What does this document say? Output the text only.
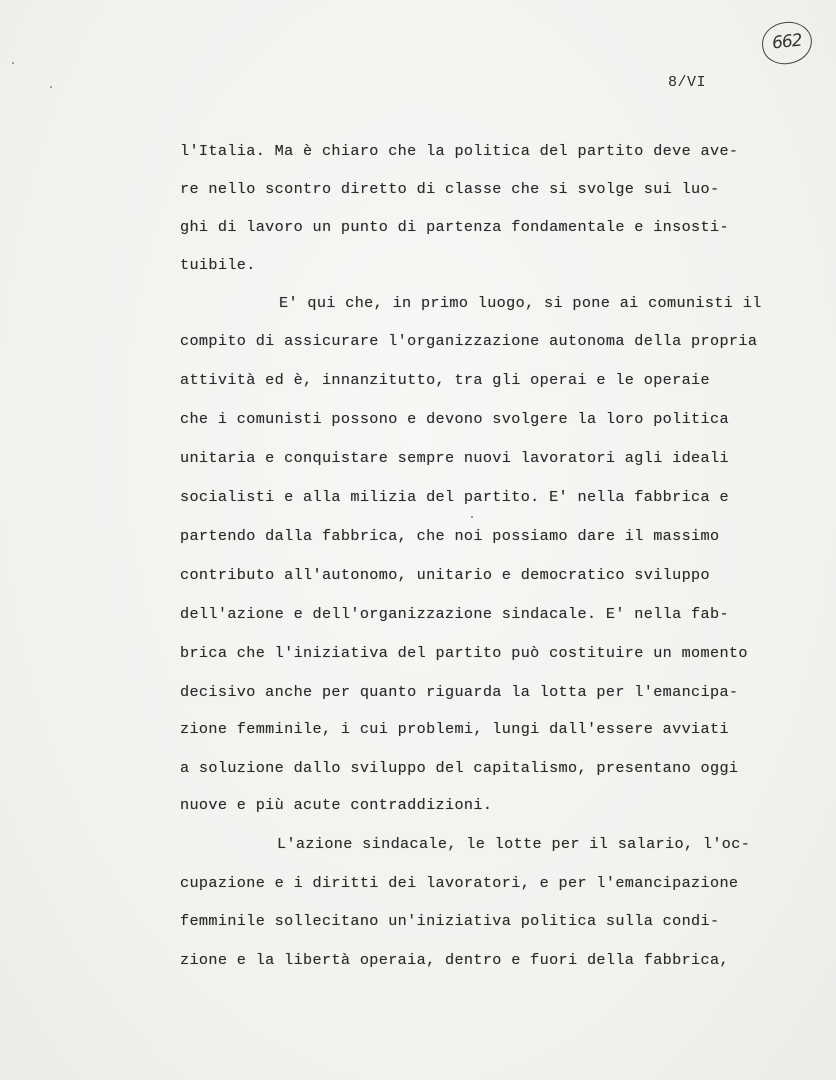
662
8/VI
l'Italia. Ma è chiaro che la politica del partito deve ave-
re nello scontro diretto di classe che si svolge sui luo-
ghi di lavoro un punto di partenza fondamentale e insosti-
tuibile.
E' qui che, in primo luogo, si pone ai comunisti il
compito di assicurare l'organizzazione autonoma della propria
attività ed è, innanzitutto, tra gli operai e le operaie
che i comunisti possono e devono svolgere la loro politica
unitaria e conquistare sempre nuovi lavoratori agli ideali
socialisti e alla milizia del partito. E' nella fabbrica e
partendo dalla fabbrica, che noi possiamo dare il massimo
contributo all'autonomo, unitario e democratico sviluppo
dell'azione e dell'organizzazione sindacale. E' nella fab-
brica che l'iniziativa del partito può costituire un momento
decisivo anche per quanto riguarda la lotta per l'emancipa-
zione femminile, i cui problemi, lungi dall'essere avviati
a soluzione dallo sviluppo del capitalismo, presentano oggi
nuove e più acute contraddizioni.
L'azione sindacale, le lotte per il salario, l'oc-
cupazione e i diritti dei lavoratori, e per l'emancipazione
femminile sollecitano un'iniziativa politica sulla condi-
zione e la libertà operaia, dentro e fuori della fabbrica,
